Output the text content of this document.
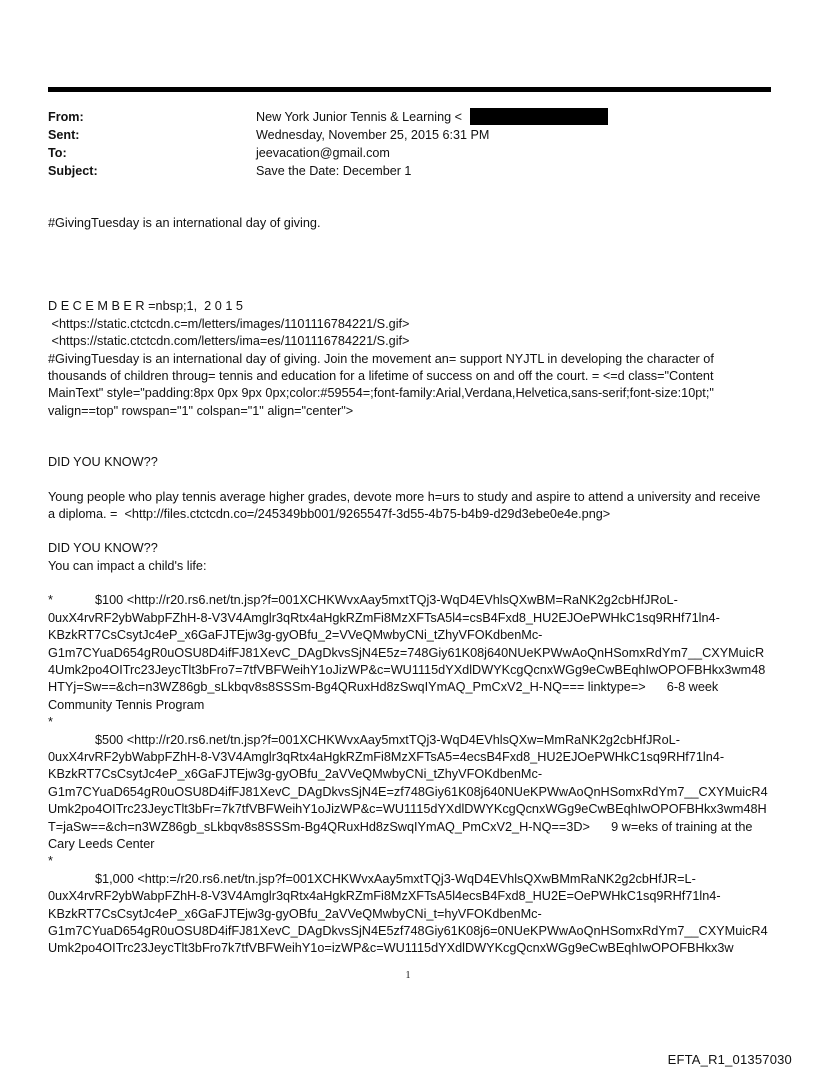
From:	New York Junior Tennis & Learning <
Sent:	Wednesday, November 25, 2015 6:31 PM
To:	jeevacation@gmail.com
Subject:	Save the Date: December 1

#GivingTuesday is an international day of giving.

D E C E M B E R =nbsp;1,  2 0 1 5

<https://static.ctctcdn.c=m/letters/images/1101116784221/S.gif>

<https://static.ctctcdn.com/letters/ima=es/1101116784221/S.gif>

#GivingTuesday is an international day of giving. Join the movement an= support NYJTL in developing the character of thousands of children throug= tennis and education for a lifetime of success on and off the court. = <=d class="Content MainText" style="padding:8px 0px 9px 0px;color:#59554=;font-family:Arial,Verdana,Helvetica,sans-serif;font-size:10pt;" valign==top" rowspan="1" colspan="1" align="center">

DID YOU KNOW??

Young people who play tennis average higher grades, devote more h=urs to study and aspire to attend a university and receive a diploma. =  <http://files.ctctcdn.co=/245349bb001/9265547f-3d55-4b75-b4b9-d29d3ebe0e4e.png>

DID YOU KNOW??

You can impact a child's life:

*	$100 <http://r20.rs6.net/tn.jsp?f=001XCHKWvxAay5mxtTQj3-WqD4EVhlsQXwBM=RaNK2g2cbHfJRoL-0uxX4rvRF2ybWabpFZhH-8-V3V4Amglr3qRtx4aHgkRZmFi8MzXFTsA5l4=csB4Fxd8_HU2EJOePWHkC1sq9RHf71ln4-KBzkRT7CsCsytJc4eP_x6GaFJTEjw3g-gyOBfu_2=VVeQMwbyCNi_tZhyVFOKdbenMc-G1m7CYuaD654gR0uOSU8D4ifFJ81XevC_DAgDkvsSjN4E5z=748Giy61K08j640NUeKPWwAoQnHSomxRdYm7__CXYMuicR4Umk2po4OITrc23JeycTlt3bFro7=7tfVBFWeihY1oJizWP&c=WU1115dYXdlDWYKcgQcnxWGg9eCwBEqhIwOPOFBHkx3wm48HTYj=Sw==&ch=n3WZ86gb_sLkbqv8s8SSSm-Bg4QRuxHd8zSwqIYmAQ_PmCxV2_H-NQ=== linktype=>      6-8 week Community Tennis Program

*

$500 <http://r20.rs6.net/tn.jsp?f=001XCHKWvxAay5mxtTQj3-WqD4EVhlsQXw=MmRaNK2g2cbHfJRoL-0uxX4rvRF2ybWabpFZhH-8-V3V4Amglr3qRtx4aHgkRZmFi8MzXFTsA5=4ecsB4Fxd8_HU2EJOePWHkC1sq9RHf71ln4-KBzkRT7CsCsytJc4eP_x6GaFJTEjw3g-gyOBfu_2aVVeQMwbyCNi_tZhyVFOKdbenMc-G1m7CYuaD654gR0uOSU8D4ifFJ81XevC_DAgDkvsSjN4E=zf748Giy61K08j640NUeKPWwAoQnHSomxRdYm7__CXYMuicR4Umk2po4OITrc23JeycTlt3bFr=7k7tfVBFWeihY1oJizWP&c=WU1115dYXdlDWYKcgQcnxWGg9eCwBEqhIwOPOFBHkx3wm48HT=jaSw==&ch=n3WZ86gb_sLkbqv8s8SSSm-Bg4QRuxHd8zSwqIYmAQ_PmCxV2_H-NQ==3D>      9 w=eks of training at the Cary Leeds Center

*

$1,000 <http:=/r20.rs6.net/tn.jsp?f=001XCHKWvxAay5mxtTQj3-WqD4EVhlsQXwBMmRaNK2g2cbHfJR=L-0uxX4rvRF2ybWabpFZhH-8-V3V4Amglr3qRtx4aHgkRZmFi8MzXFTsA5l4ecsB4Fxd8_HU2E=OePWHkC1sq9RHf71ln4-KBzkRT7CsCsytJc4eP_x6GaFJTEjw3g-gyOBfu_2aVVeQMwbyCNi_t=hyVFOKdbenMc-G1m7CYuaD654gR0uOSU8D4ifFJ81XevC_DAgDkvsSjN4E5zf748Giy61K08j6=0NUeKPWwAoQnHSomxRdYm7__CXYMuicR4Umk2po4OITrc23JeycTlt3bFro7k7tfVBFWeihY1o=izWP&c=WU1115dYXdlDWYKcgQcnxWGg9eCwBEqhIwOPOFBHkx3w

1
EFTA_R1_01357030
